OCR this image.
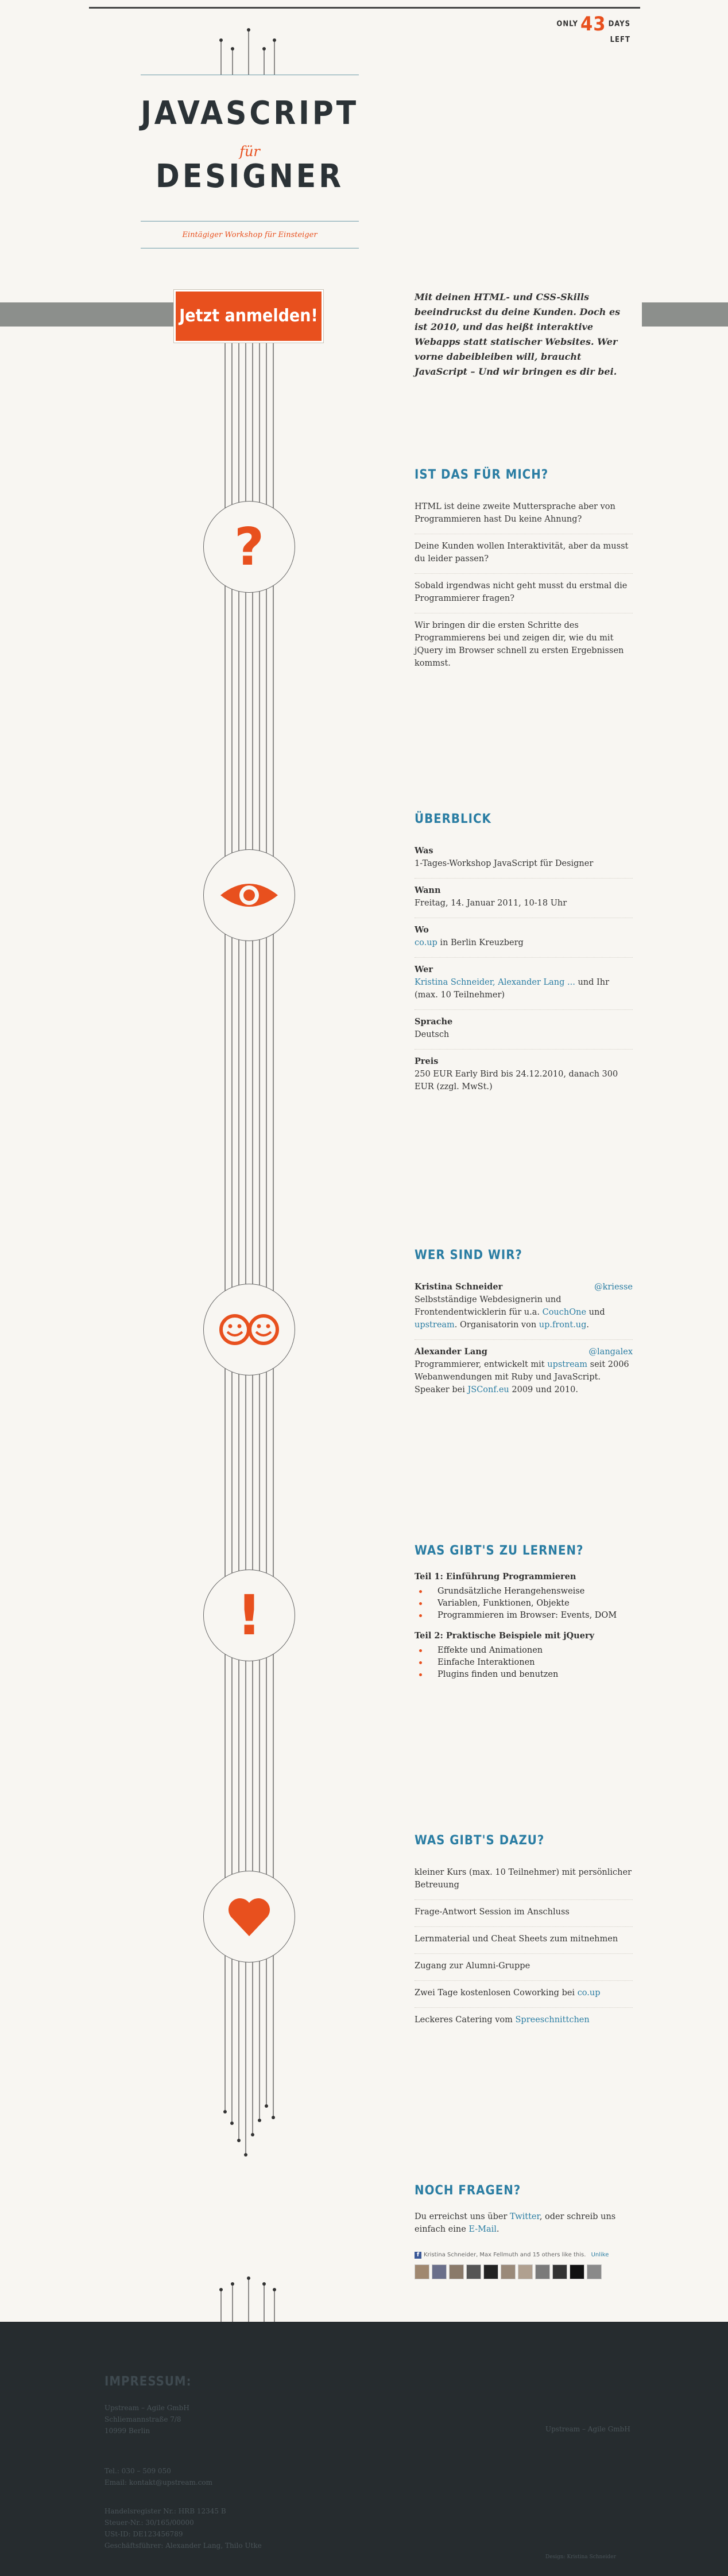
ONLY 43 DAYS LEFT
JAVASCRIPT
für
DESIGNER
Eintägiger Workshop für Einsteiger
Jetzt anmelden!

Mit deinen HTML- und CSS-Skills beeindruckst du deine Kunden. Doch es ist 2010, und das heißt interaktive Webapps statt statischer Websites. Wer vorne dabeibleiben will, braucht JavaScript – Und wir bringen es dir bei.

?
!
IST DAS FÜR MICH?

HTML ist deine zweite Muttersprache aber von Programmieren hast Du keine Ahnung?

Deine Kunden wollen Interaktivität, aber da musst du leider passen?

Sobald irgendwas nicht geht musst du erstmal die Programmierer fragen?

Wir bringen dir die ersten Schritte des Programmierens bei und zeigen dir, wie du mit jQuery im Browser schnell zu ersten Ergebnissen kommst.

ÜBERBLICK

Was

1-Tages-Workshop JavaScript für Designer

Wann

Freitag, 14. Januar 2011, 10-18 Uhr

Wo

co.up in Berlin Kreuzberg

Wer

Kristina Schneider, Alexander Lang ... und Ihr (max. 10 Teilnehmer)

Sprache

Deutsch

Preis

250 EUR Early Bird bis 24.12.2010, danach 300 EUR (zzgl. MwSt.)

WER SIND WIR?

Kristina Schneider	@kriesse

Selbstständige Webdesignerin und Frontendentwicklerin für u.a. CouchOne und upstream. Organisatorin von up.front.ug.

Alexander Lang	@langalex

Programmierer, entwickelt mit upstream seit 2006 Webanwendungen mit Ruby und JavaScript. Speaker bei JSConf.eu 2009 und 2010.

WAS GIBT'S ZU LERNEN?

Teil 1: Einführung Programmieren

Grundsätzliche Herangehensweise
Variablen, Funktionen, Objekte
Programmieren im Browser: Events, DOM

Teil 2: Praktische Beispiele mit jQuery

Effekte und Animationen
Einfache Interaktionen
Plugins finden und benutzen
WAS GIBT'S DAZU?

kleiner Kurs (max. 10 Teilnehmer) mit persönlicher Betreuung

Frage-Antwort Session im Anschluss

Lernmaterial und Cheat Sheets zum mitnehmen

Zugang zur Alumni-Gruppe

Zwei Tage kostenlosen Coworking bei co.up

Leckeres Catering vom Spreeschnittchen

NOCH FRAGEN?

Du erreichst uns über Twitter, oder schreib uns einfach eine E-Mail.

f Kristina Schneider, Max Fellmuth and 15 others like this. Unlike
IMPRESSUM:
Upstream – Agile GmbH
Schliemannstraße 7/8
10999 Berlin
Tel.: 030 – 509 050
Email: kontakt@upstream.com
Handelsregister Nr.: HRB 12345 B
Steuer-Nr.: 30/165/00000
USt-ID: DE123456789
Geschäftsführer: Alexander Lang, Thilo Utke
Upstream – Agile GmbH
Design: Kristina Schneider
